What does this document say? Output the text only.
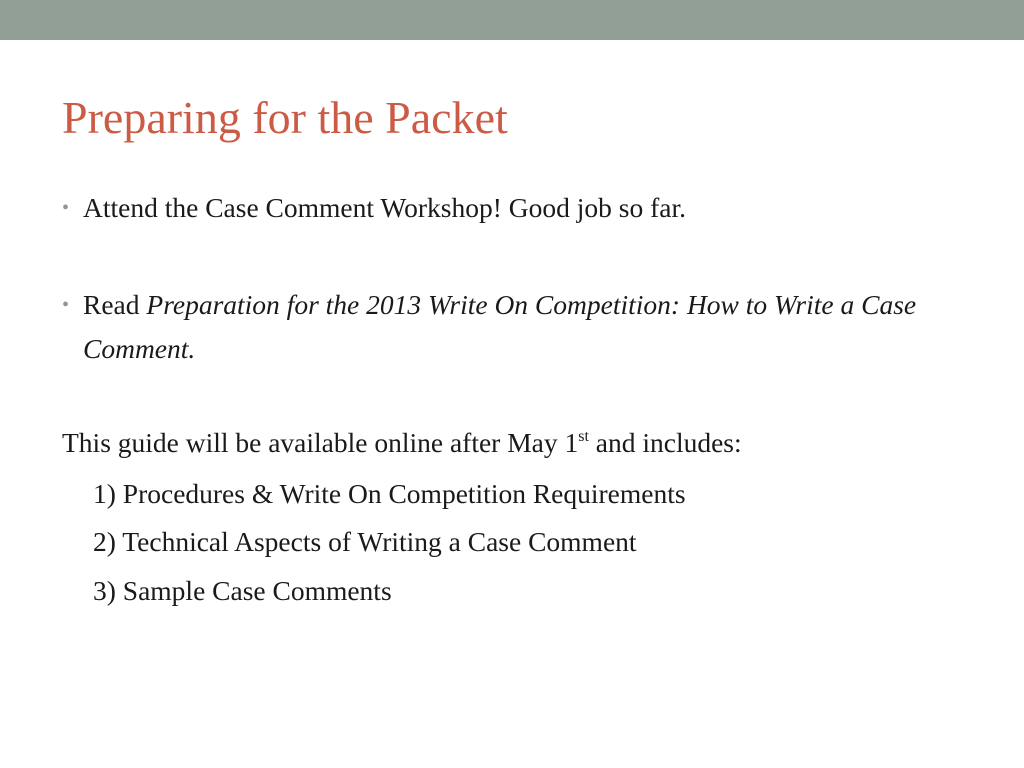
Preparing for the Packet
• Attend the Case Comment Workshop! Good job so far.
• Read Preparation for the 2013 Write On Competition: How to Write a Case Comment.
This guide will be available online after May 1st and includes:
1) Procedures & Write On Competition Requirements
2) Technical Aspects of Writing a Case Comment
3) Sample Case Comments
